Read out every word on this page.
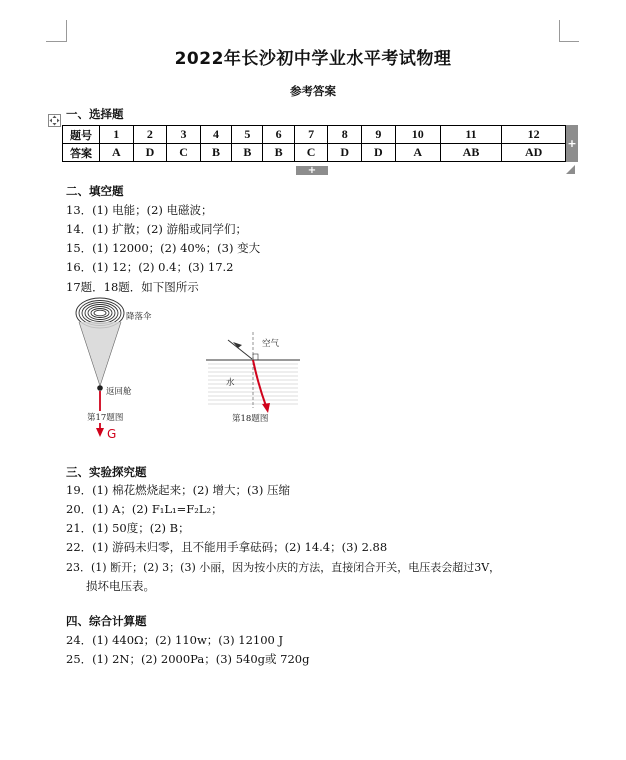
2022年长沙初中学业水平考试物理
参考答案
一、选择题
题号	1	2	3	4	5	6	7	8	9	10	11	12
答案	A	D	C	B	B	B	C	D	D	A	AB	AD
+
+
二、填空题
13．(1) 电能；(2) 电磁波；
14．(1) 扩散；(2) 游船或同学们；
15．(1) 12000；(2) 40%；(3) 变大
16．(1) 12；(2) 0.4；(3) 17.2
17题．18题．如下图所示
降落伞
返回舱
第17题图
G
空气
水
第18题图
三、实验探究题
19．(1) 棉花燃烧起来；(2) 增大；(3) 压缩
20．(1) A；(2) F₁L₁=F₂L₂；
21．(1) 50度；(2) B；
22．(1) 游码未归零，且不能用手拿砝码；(2) 14.4；(3) 2.88
23．(1) 断开；(2) 3；(3) 小丽，因为按小庆的方法，直接闭合开关，电压表会超过3V，
损坏电压表。
四、综合计算题
24．(1) 440Ω；(2) 110w；(3) 12100 J
25．(1) 2N；(2) 2000Pa；(3) 540g或 720g
